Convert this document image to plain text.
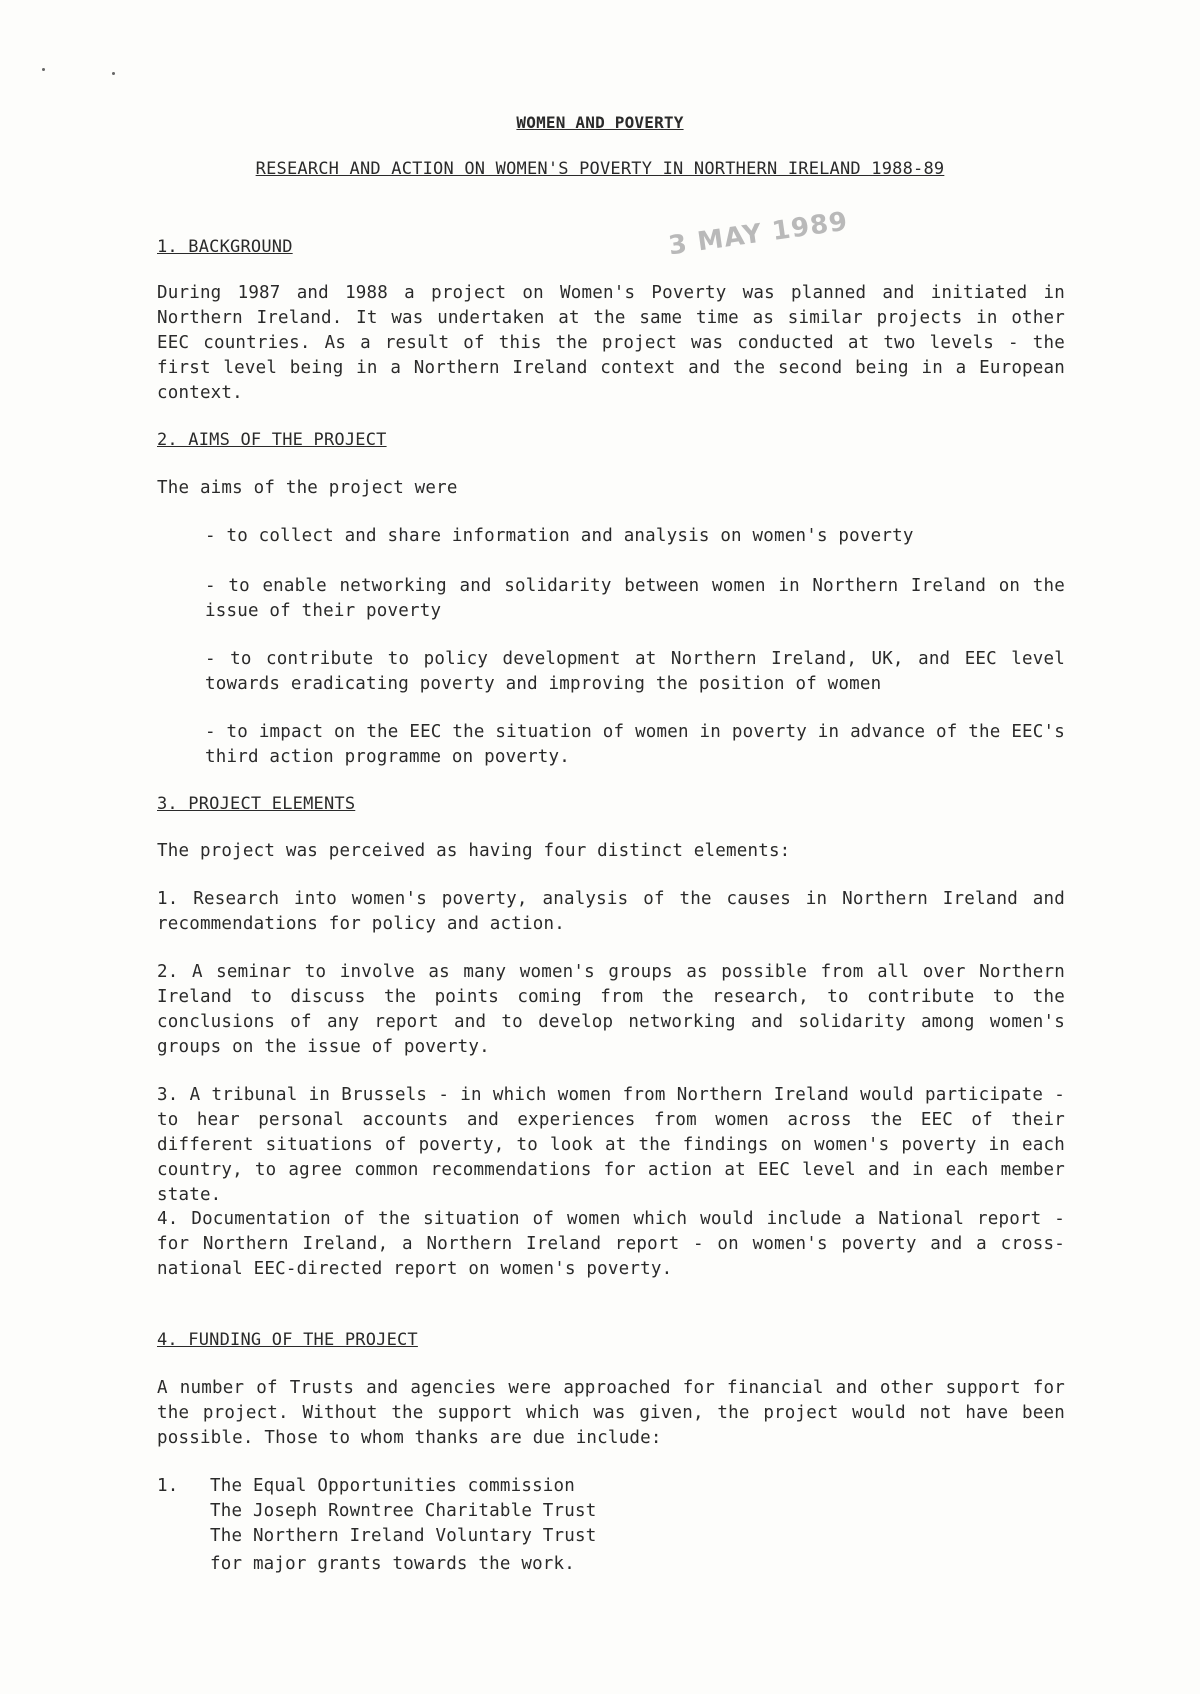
WOMEN AND POVERTY
RESEARCH AND ACTION ON WOMEN'S POVERTY IN NORTHERN IRELAND 1988-89
3 MAY 1989
1. BACKGROUND
During 1987 and 1988 a project on Women's Poverty was planned and initiated in Northern Ireland. It was undertaken at the same time as similar projects in other EEC countries. As a result of this the project was conducted at two levels - the first level being in a Northern Ireland context and the second being in a European context.
2. AIMS OF THE PROJECT
The aims of the project were
- to collect and share information and analysis on women's poverty
- to enable networking and solidarity between women in Northern Ireland on the issue of their poverty
- to contribute to policy development at Northern Ireland, UK, and EEC level towards eradicating poverty and improving the position of women
- to impact on the EEC the situation of women in poverty in advance of the EEC's third action programme on poverty.
3. PROJECT ELEMENTS
The project was perceived as having four distinct elements:
1. Research into women's poverty, analysis of the causes in Northern Ireland and recommendations for policy and action.
2. A seminar to involve as many women's groups as possible from all over Northern Ireland to discuss the points coming from the research, to contribute to the conclusions of any report and to develop networking and solidarity among women's groups on the issue of poverty.
3. A tribunal in Brussels - in which women from Northern Ireland would participate - to hear personal accounts and experiences from women across the EEC of their different situations of poverty, to look at the findings on women's poverty in each country, to agree common recommendations for action at EEC level and in each member state.
4. Documentation of the situation of women which would include a National report - for Northern Ireland, a Northern Ireland report - on women's poverty and a cross-national EEC-directed report on women's poverty.
4. FUNDING OF THE PROJECT
A number of Trusts and agencies were approached for financial and other support for the project. Without the support which was given, the project would not have been possible. Those to whom thanks are due include:
1. The Equal Opportunities commission
The Joseph Rowntree Charitable Trust
The Northern Ireland Voluntary Trust
for major grants towards the work.
